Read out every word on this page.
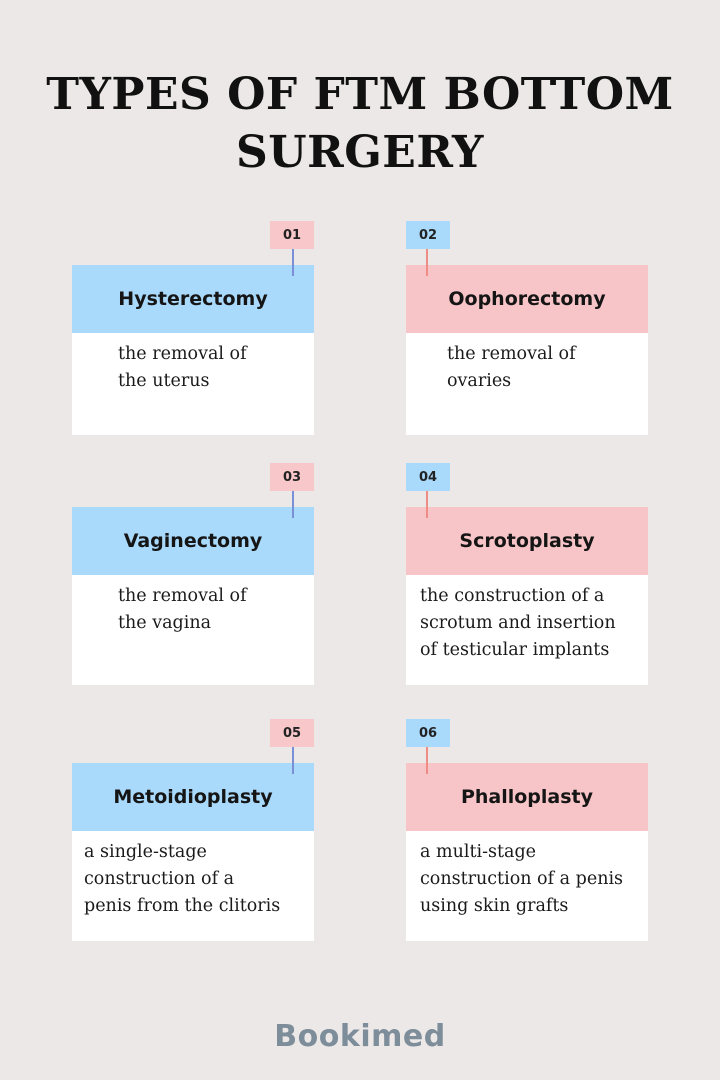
TYPES OF FTM BOTTOM SURGERY
01
Hysterectomy
the removal of
the uterus
02
Oophorectomy
the removal of
ovaries
03
Vaginectomy
the removal of
the vagina
04
Scrotoplasty
the construction of a
scrotum and insertion
of testicular implants
05
Metoidioplasty
a single-stage
construction of a
penis from the clitoris
06
Phalloplasty
a multi-stage
construction of a penis
using skin grafts
Bookimed
